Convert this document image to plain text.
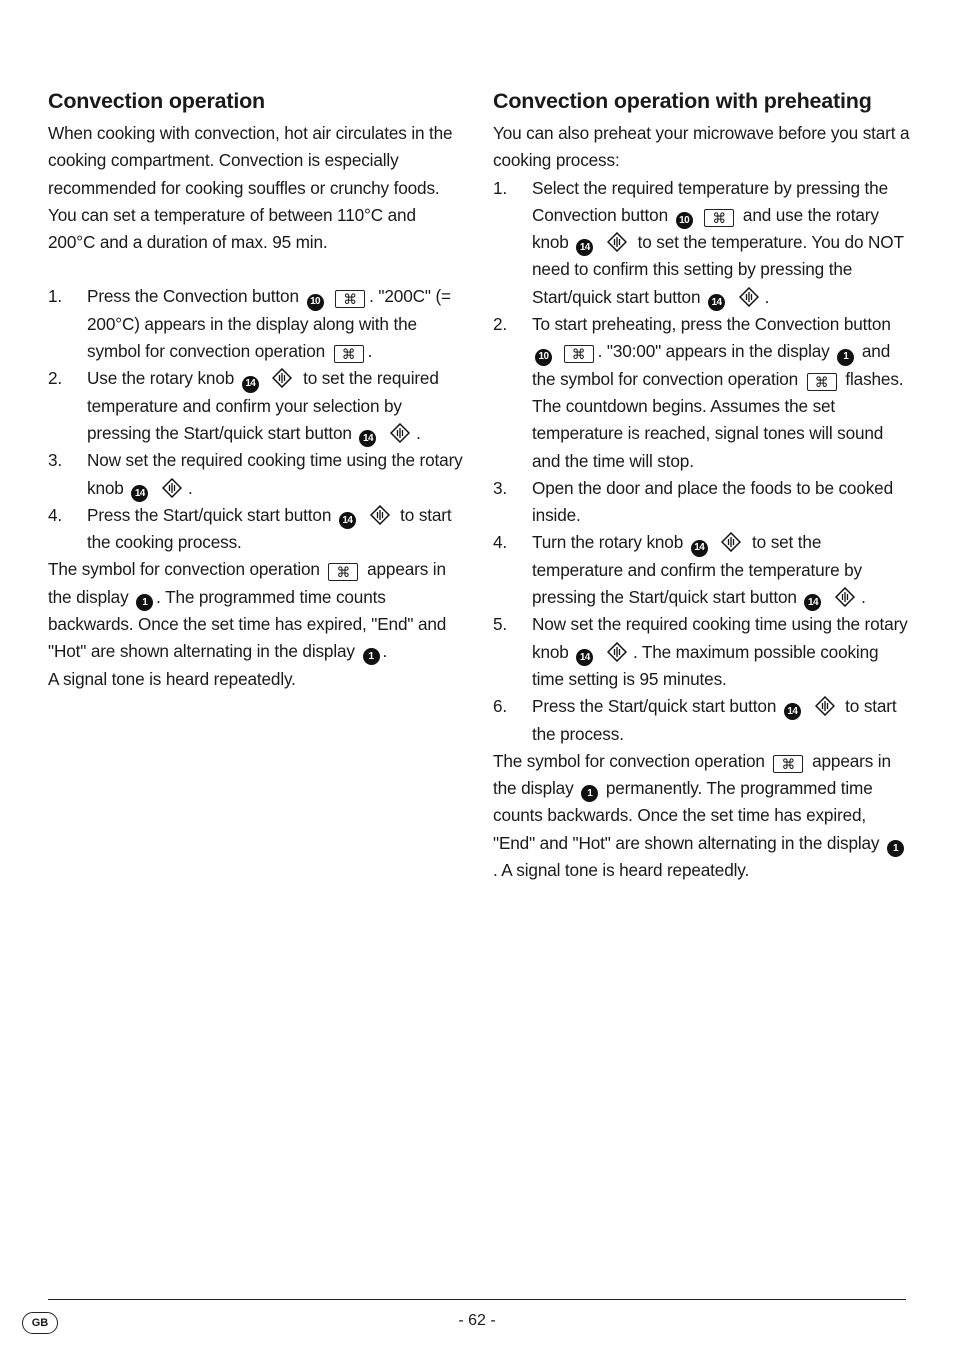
Convection operation

When cooking with convection, hot air circulates in the cooking compartment. Convection is especially recommended for cooking souffles or crunchy foods. You can set a temperature of between 110°C and 200°C and a duration of max. 95 min.

1. Press the Convection button 10 ⌘ . "200C" (= 200°C) appears in the display along with the symbol for convection operation ⌘ .
2. Use the rotary knob 14	to set the required temperature and confirm your selection by pressing the Start/quick start button 14	.
3. Now set the required cooking time using the rotary knob 14	.
4. Press the Start/quick start button 14	to start the cooking process.

The symbol for convection operation ⌘ appears in the display 1 . The programmed time counts backwards. Once the set time has expired, "End" and "Hot" are shown alternating in the display 1 .
A signal tone is heard repeatedly.

Convection operation with preheating

You can also preheat your microwave before you start a cooking process:

1. Select the required temperature by pressing the Convection button 10 ⌘ and use the rotary knob 14	to set the temperature. You do NOT need to confirm this setting by pressing the Start/quick start button 14	.
2. To start preheating, press the Convection button 10 ⌘ . "30:00" appears in the display 1 and the symbol for convection operation ⌘ flashes. The countdown begins. Assumes the set temperature is reached, signal tones will sound and the time will stop.
3. Open the door and place the foods to be cooked inside.
4. Turn the rotary knob 14	to set the temperature and confirm the temperature by pressing the Start/quick start button 14	.
5. Now set the required cooking time using the rotary knob 14	. The maximum possible cooking time setting is 95 minutes.
6. Press the Start/quick start button 14	to start the process.

The symbol for convection operation ⌘ appears in the display 1 permanently. The programmed time counts backwards. Once the set time has expired, "End" and "Hot" are shown alternating in the display 1. A signal tone is heard repeatedly.

GB	- 62 -
